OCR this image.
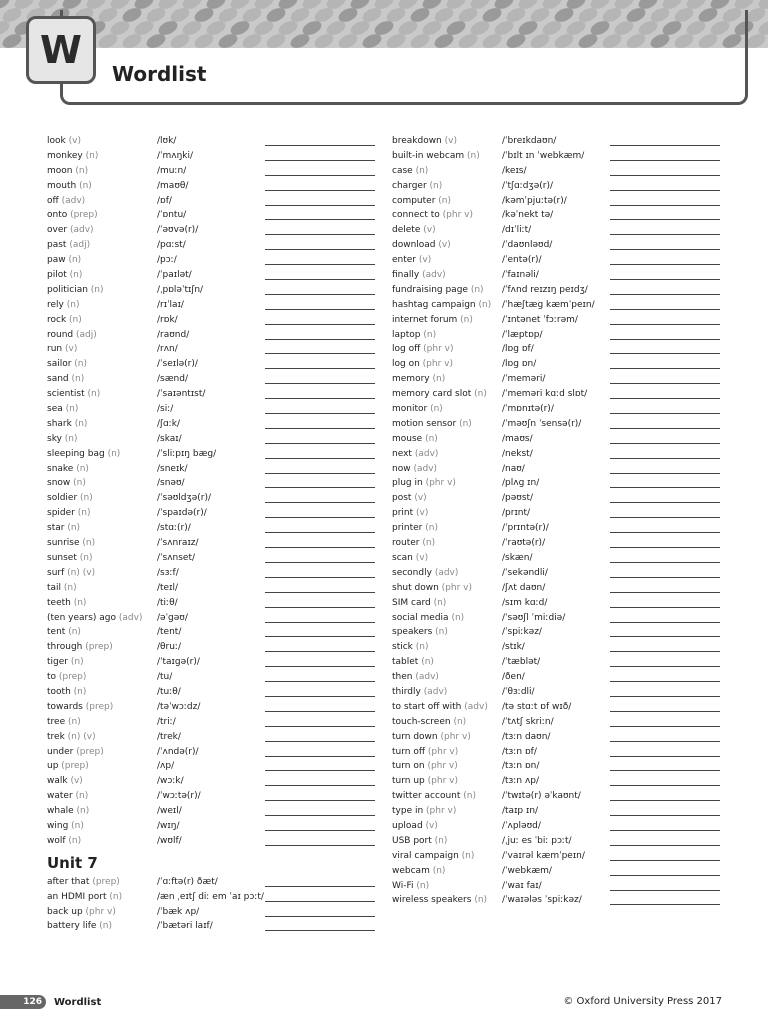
W
Wordlist
look (v)	/lʊk/
monkey (n)	/ˈmʌŋki/
moon (n)	/muːn/
mouth (n)	/maʊθ/
off (adv)	/ɒf/
onto (prep)	/ˈɒntu/
over (adv)	/ˈəʊvə(r)/
past (adj)	/pɑːst/
paw (n)	/pɔː/
pilot (n)	/ˈpaɪlət/
politician (n)	/ˌpɒləˈtɪʃn/
rely (n)	/rɪˈlaɪ/
rock (n)	/rɒk/
round (adj)	/raʊnd/
run (v)	/rʌn/
sailor (n)	/ˈseɪlə(r)/
sand (n)	/sænd/
scientist (n)	/ˈsaɪəntɪst/
sea (n)	/siː/
shark (n)	/ʃɑːk/
sky (n)	/skaɪ/
sleeping bag (n)	/ˈsliːpɪŋ bæg/
snake (n)	/sneɪk/
snow (n)	/snəʊ/
soldier (n)	/ˈsəʊldʒə(r)/
spider (n)	/ˈspaɪdə(r)/
star (n)	/stɑː(r)/
sunrise (n)	/ˈsʌnraɪz/
sunset (n)	/ˈsʌnset/
surf (n) (v)	/sɜːf/
tail (n)	/teɪl/
teeth (n)	/tiːθ/
(ten years) ago (adv) /əˈgəʊ/
tent (n)	/tent/
through (prep)	/θruː/
tiger (n)	/ˈtaɪgə(r)/
to (prep)	/tu/
tooth (n)	/tuːθ/
towards (prep)	/təˈwɔːdz/
tree (n)	/triː/
trek (n) (v)	/trek/
under (prep)	/ˈʌndə(r)/
up (prep)	/ʌp/
walk (v)	/wɔːk/
water (n)	/ˈwɔːtə(r)/
whale (n)	/weɪl/
wing (n)	/wɪŋ/
wolf (n)	/wʊlf/
Unit 7
after that (prep)	/ˈɑːftə(r) ðæt/
an HDMI port (n)	/æn ˌeɪtʃ diː em ˈaɪ pɔːt/
back up (phr v)	/ˈbæk ʌp/
battery life (n)	/ˈbætəri laɪf/
breakdown (v)	/ˈbreɪkdaʊn/
built-in webcam (n) /ˈbɪlt ɪn ˈwebkæm/
case (n)	/keɪs/
charger (n)	/ˈtʃɑːdʒə(r)/
computer (n)	/kəmˈpjuːtə(r)/
connect to (phr v)	/kəˈnekt tə/
delete (v)	/dɪˈliːt/
download (v)	/ˈdaʊnləʊd/
enter (v)	/ˈentə(r)/
finally (adv)	/ˈfaɪnəli/
fundraising page (n) /ˈfʌnd reɪzɪŋ peɪdʒ/
hashtag campaign (n) /ˈhæʃtæg kæmˈpeɪn/
internet forum (n)	/ˈɪntənet ˈfɔːrəm/
laptop (n)	/ˈlæptɒp/
log off (phr v)	/lɒg ɒf/
log on (phr v)	/lɒg ɒn/
memory (n)	/ˈmeməri/
memory card slot (n) /ˈmeməri kɑːd slɒt/
monitor (n)	/ˈmɒnɪtə(r)/
motion sensor (n)	/ˈməʊʃn ˈsensə(r)/
mouse (n)	/maʊs/
next (adv)	/nekst/
now (adv)	/naʊ/
plug in (phr v)	/plʌg ɪn/
post (v)	/pəʊst/
print (v)	/prɪnt/
printer (n)	/ˈprɪntə(r)/
router (n)	/ˈraʊtə(r)/
scan (v)	/skæn/
secondly (adv)	/ˈsekəndli/
shut down (phr v)	/ʃʌt daʊn/
SIM card (n)	/sɪm kɑːd/
social media (n)	/ˈsəʊʃl ˈmiːdiə/
speakers (n)	/ˈspiːkəz/
stick (n)	/stɪk/
tablet (n)	/ˈtæblət/
then (adv)	/ðen/
thirdly (adv)	/ˈθɜːdli/
to start off with (adv) /tə stɑːt ɒf wɪð/
touch-screen (n)	/ˈtʌtʃ skriːn/
turn down (phr v)	/tɜːn daʊn/
turn off (phr v)	/tɜːn ɒf/
turn on (phr v)	/tɜːn ɒn/
turn up (phr v)	/tɜːn ʌp/
twitter account (n)	/ˈtwɪtə(r) əˈkaʊnt/
type in (phr v)	/taɪp ɪn/
upload (v)	/ˈʌpləʊd/
USB port (n)	/ˌjuː es ˈbiː pɔːt/
viral campaign (n)	/ˈvaɪrəl kæmˈpeɪn/
webcam (n)	/ˈwebkæm/
Wi-Fi (n)	/ˈwaɪ faɪ/
wireless speakers (n) /ˈwaɪələs ˈspiːkəz/
126	Wordlist	© Oxford University Press 2017
